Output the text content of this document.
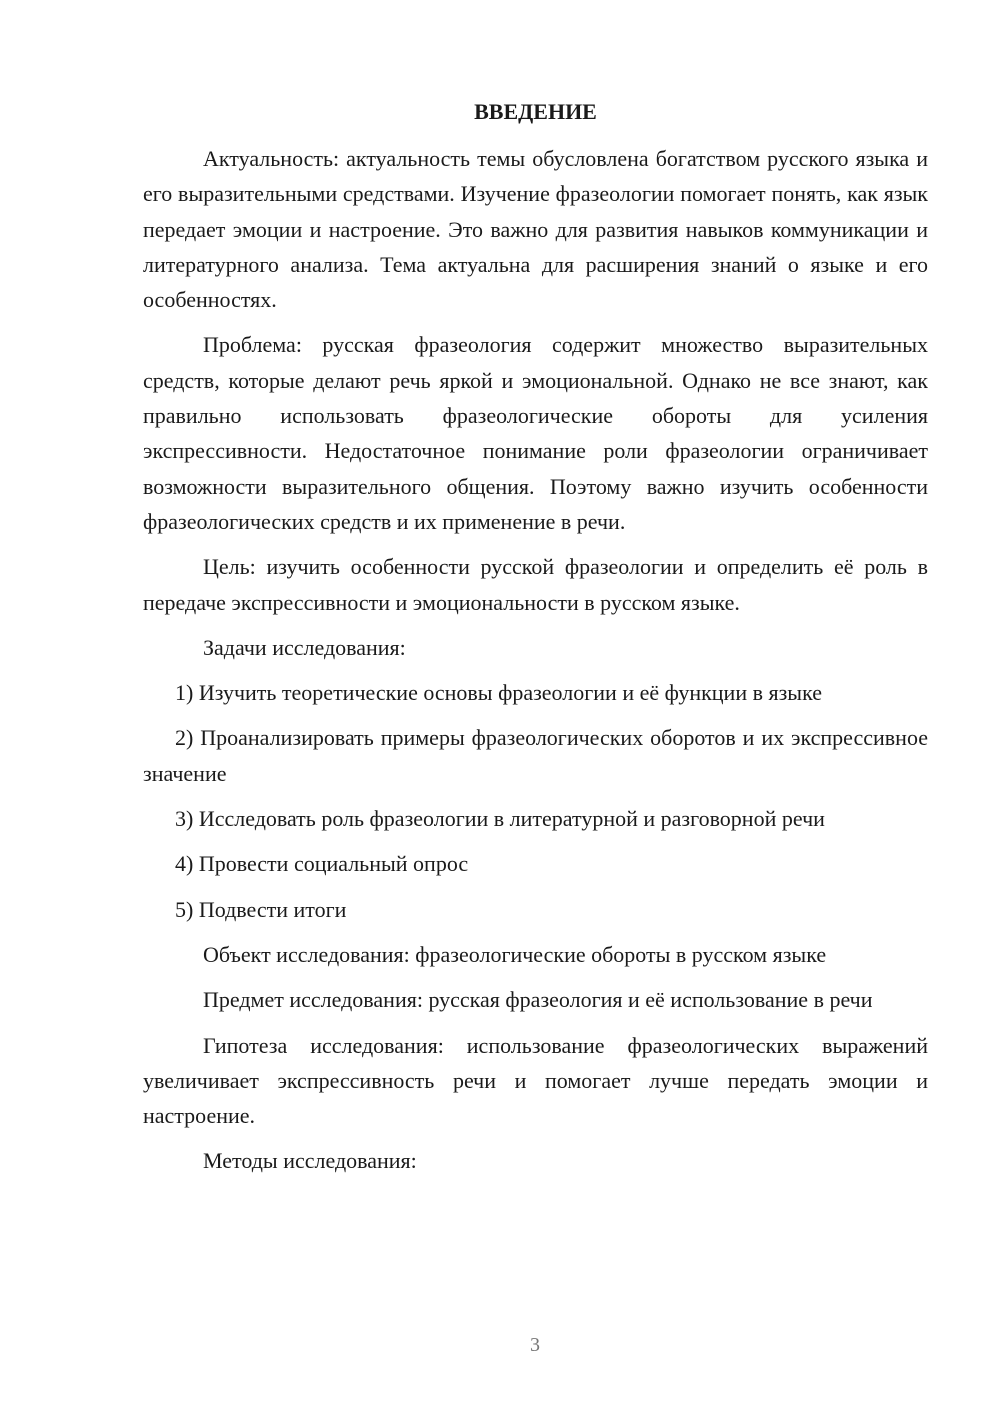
ВВЕДЕНИЕ

Актуальность: актуальность темы обусловлена богатством русского языка и его выразительными средствами. Изучение фразеологии помогает понять, как язык передает эмоции и настроение. Это важно для развития навыков коммуникации и литературного анализа. Тема актуальна для расширения знаний о языке и его особенностях.

Проблема: русская фразеология содержит множество выразительных средств, которые делают речь яркой и эмоциональной. Однако не все знают, как правильно использовать фразеологические обороты для усиления экспрессивности. Недостаточное понимание роли фразеологии ограничивает возможности выразительного общения. Поэтому важно изучить особенности фразеологических средств и их применение в речи.

Цель: изучить особенности русской фразеологии и определить её роль в передаче экспрессивности и эмоциональности в русском языке.

Задачи исследования:

1) Изучить теоретические основы фразеологии и её функции в языке

2) Проанализировать примеры фразеологических оборотов и их экспрессивное значение

3) Исследовать роль фразеологии в литературной и разговорной речи

4) Провести социальный опрос

5) Подвести итоги

Объект исследования: фразеологические обороты в русском языке

Предмет исследования: русская фразеология и её использование в речи

Гипотеза исследования: использование фразеологических выражений увеличивает экспрессивность речи и помогает лучше передать эмоции и настроение.

Методы исследования:

3
